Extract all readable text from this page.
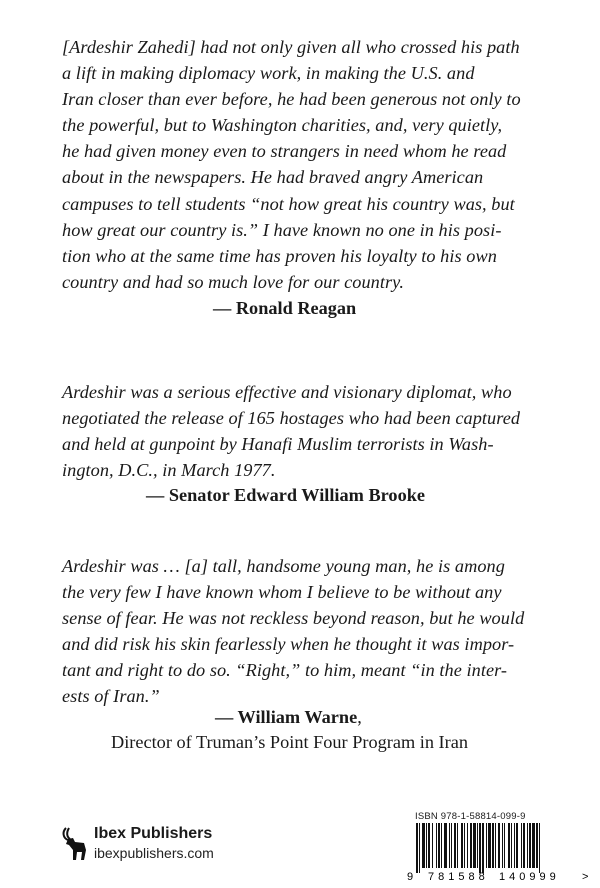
[Ardeshir Zahedi] had not only given all who crossed his path
a lift in making diplomacy work, in making the U.S. and
Iran closer than ever before, he had been generous not only to
the powerful, but to Washington charities, and, very quietly,
he had given money even to strangers in need whom he read
about in the newspapers. He had braved angry American
campuses to tell students “not how great his country was, but
how great our country is.” I have known no one in his posi-
tion who at the same time has proven his loyalty to his own
country and had so much love for our country.
— Ronald Reagan
Ardeshir was a serious effective and visionary diplomat, who
negotiated the release of 165 hostages who had been captured
and held at gunpoint by Hanafi Muslim terrorists in Wash-
ington, D.C., in March 1977.
— Senator Edward William Brooke
Ardeshir was … [a] tall, handsome young man, he is among
the very few I have known whom I believe to be without any
sense of fear. He was not reckless beyond reason, but he would
and did risk his skin fearlessly when he thought it was impor-
tant and right to do so. “Right,” to him, meant “in the inter-
ests of Iran.”
— William Warne,
Director of Truman’s Point Four Program in Iran
ISBN 978-1-58814-099-9
9 781588 140999 >
Ibex Publishers
ibexpublishers.com
